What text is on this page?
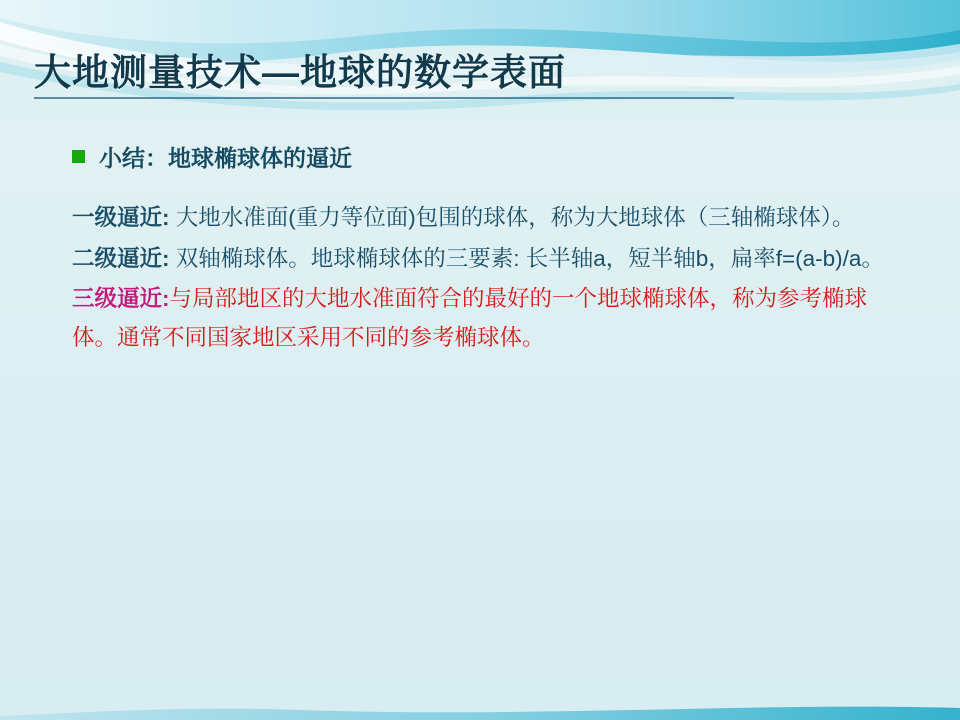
大地测量技术—地球的数学表面
小结：地球椭球体的逼近

一级逼近: 大地水准面(重力等位面)包围的球体，称为大地球体（三轴椭球体）。

二级逼近: 双轴椭球体。地球椭球体的三要素: 长半轴a，短半轴b，扁率f=(a-b)/a。

三级逼近:与局部地区的大地水准面符合的最好的一个地球椭球体，称为参考椭球体。通常不同国家地区采用不同的参考椭球体。
